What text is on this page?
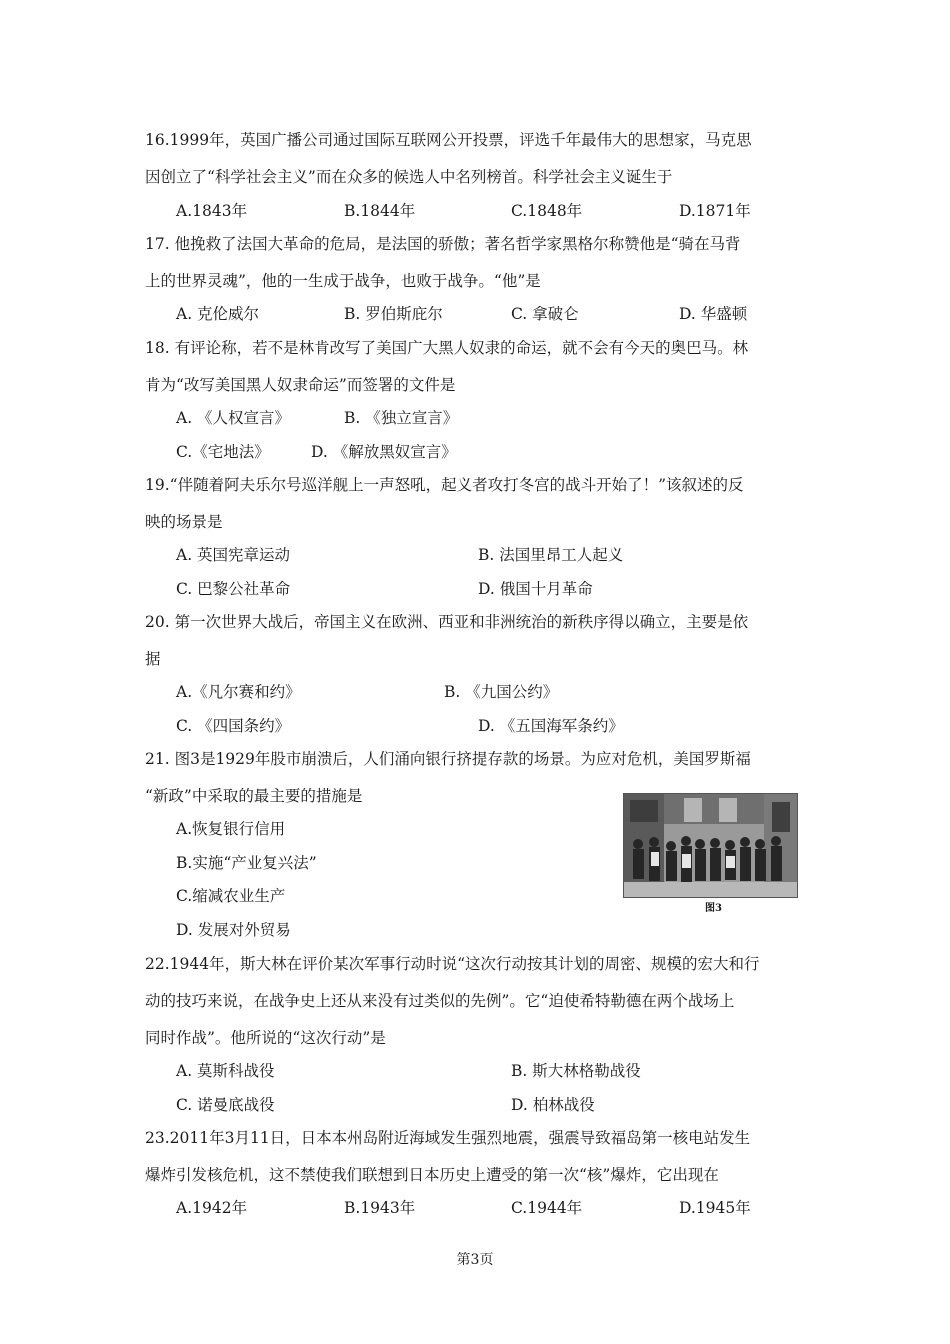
16.1999年，英国广播公司通过国际互联网公开投票，评选千年最伟大的思想家，马克思
因创立了“科学社会主义”而在众多的候选人中名列榜首。科学社会主义诞生于
A.1843年	B.1844年	C.1848年	D.1871年
17. 他挽救了法国大革命的危局，是法国的骄傲；著名哲学家黑格尔称赞他是“骑在马背
上的世界灵魂”，他的一生成于战争，也败于战争。“他”是
A. 克伦威尔	B. 罗伯斯庇尔	C. 拿破仑	D. 华盛顿
18. 有评论称，若不是林肯改写了美国广大黑人奴隶的命运，就不会有今天的奥巴马。林
肯为“改写美国黑人奴隶命运”而签署的文件是
A. 《人权宣言》	B. 《独立宣言》
C.《宅地法》	D. 《解放黑奴宣言》
19.“伴随着阿夫乐尔号巡洋舰上一声怒吼，起义者攻打冬宫的战斗开始了！”该叙述的反
映的场景是
A. 英国宪章运动	B. 法国里昂工人起义
C. 巴黎公社革命	D. 俄国十月革命
20. 第一次世界大战后，帝国主义在欧洲、西亚和非洲统治的新秩序得以确立，主要是依
据
A.《凡尔赛和约》	B. 《九国公约》
C. 《四国条约》	D. 《五国海军条约》
21. 图3是1929年股市崩溃后，人们涌向银行挤提存款的场景。为应对危机，美国罗斯福
“新政”中采取的最主要的措施是
A.恢复银行信用
B.实施“产业复兴法”
C.缩减农业生产
D. 发展对外贸易
图3
22.1944年，斯大林在评价某次军事行动时说“这次行动按其计划的周密、规模的宏大和行
动的技巧来说，在战争史上还从来没有过类似的先例”。它“迫使希特勒德在两个战场上
同时作战”。他所说的“这次行动”是
A. 莫斯科战役	B. 斯大林格勒战役
C. 诺曼底战役	D. 柏林战役
23.2011年3月11日，日本本州岛附近海域发生强烈地震，强震导致福岛第一核电站发生
爆炸引发核危机，这不禁使我们联想到日本历史上遭受的第一次“核”爆炸，它出现在
A.1942年	B.1943年	C.1944年	D.1945年
第3页
